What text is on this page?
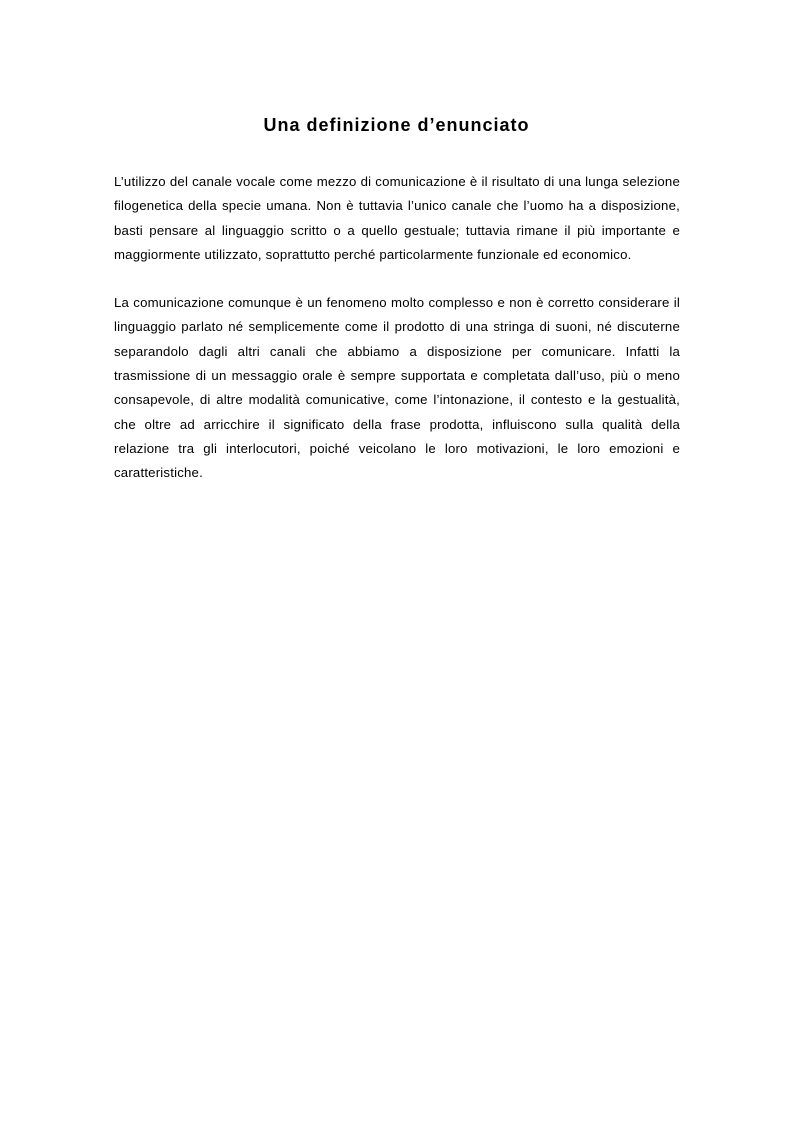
Una definizione d’enunciato

L’utilizzo del canale vocale come mezzo di comunicazione è il risultato di una lunga selezione filogenetica della specie umana. Non è tuttavia l’unico canale che l’uomo ha a disposizione, basti pensare al linguaggio scritto o a quello gestuale; tuttavia rimane il più importante e maggiormente utilizzato, soprattutto perché particolarmente funzionale ed economico.

La comunicazione comunque è un fenomeno molto complesso e non è corretto considerare il linguaggio parlato né semplicemente come il prodotto di una stringa di suoni, né discuterne separandolo dagli altri canali che abbiamo a disposizione per comunicare. Infatti la trasmissione di un messaggio orale è sempre supportata e completata dall’uso, più o meno consapevole, di altre modalità comunicative, come l’intonazione, il contesto e la gestualità, che oltre ad arricchire il significato della frase prodotta, influiscono sulla qualità della relazione tra gli interlocutori, poiché veicolano le loro motivazioni, le loro emozioni e caratteristiche.
